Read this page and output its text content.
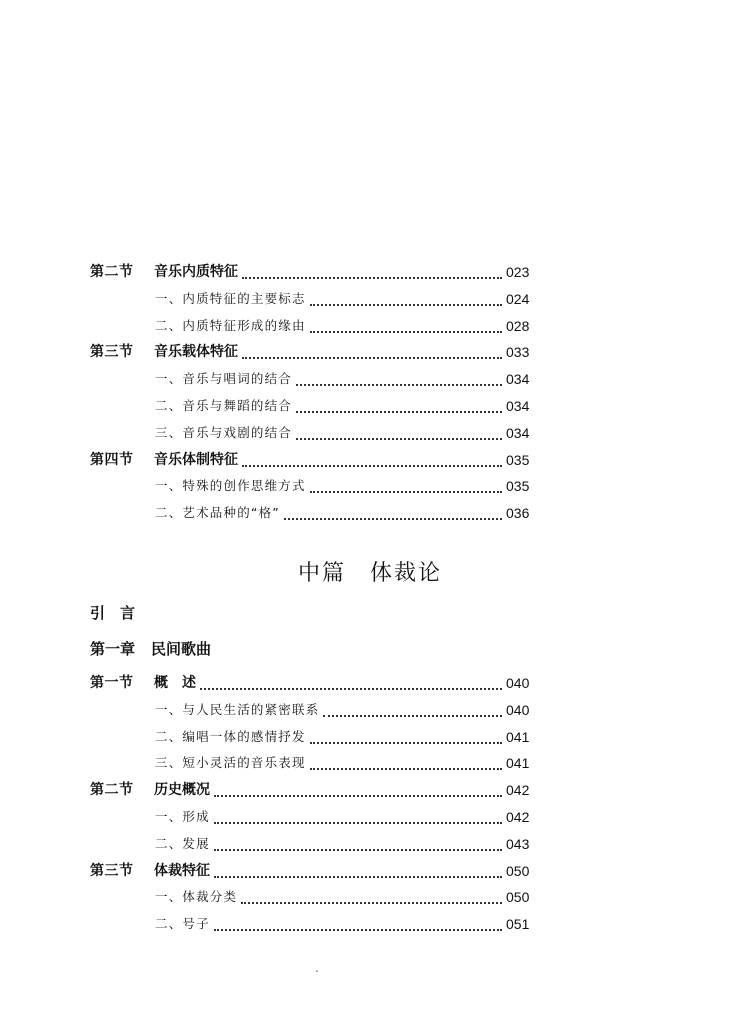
第二节 音乐内质特征	023
一、内质特征的主要标志	024
二、内质特征形成的缘由	028
第三节 音乐载体特征	033
一、音乐与唱词的结合	034
二、音乐与舞蹈的结合	034
三、音乐与戏剧的结合	034
第四节 音乐体制特征	035
一、特殊的创作思维方式	035
二、艺术品种的“格”	036
中篇 体裁论
引　言
第一章 民间歌曲
第一节 概　述	040
一、与人民生活的紧密联系	040
二、编唱一体的感情抒发	041
三、短小灵活的音乐表现	041
第二节 历史概况	042
一、形成	042
二、发展	043
第三节 体裁特征	050
一、体裁分类	050
二、号子	051
